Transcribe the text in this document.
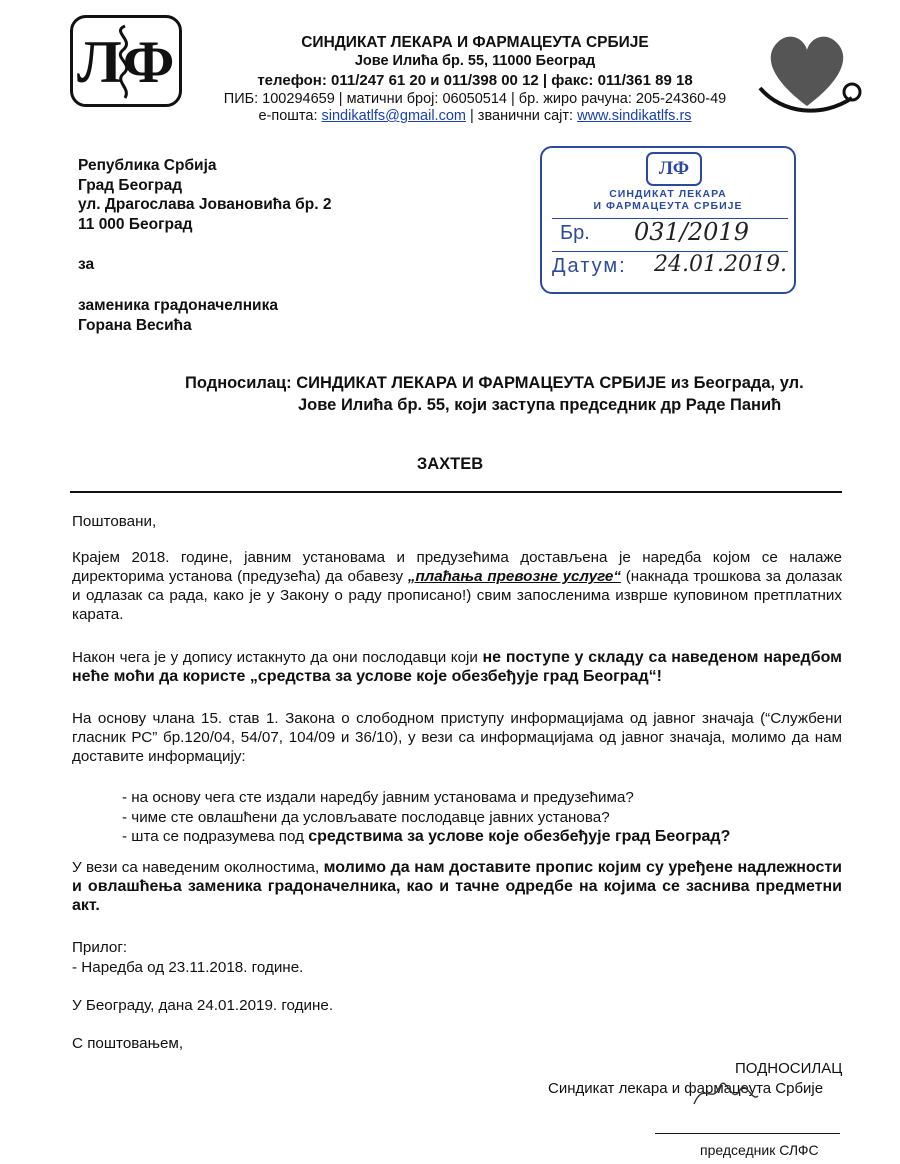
ЛФ	СИНДИКАТ ЛЕКАРА И ФАРМАЦЕУТА СРБИЈЕ
Јове Илића бр. 55, 11000 Београд
телефон: 011/247 61 20 и 011/398 00 12 | факс: 011/361 89 18
ПИБ: 100294659 | матични број: 06050514 | бр. жиро рачуна: 205-24360-49
е-пошта: sindikatlfs@gmail.com | званични сајт: www.sindikatlfs.rs
Република Србија
Град Београд
ул. Драгослава Јовановића бр. 2
11 000 Београд
за
заменика градоначелника
Горана Весића
ЛФ
СИНДИКАТ ЛЕКАРА
И ФАРМАЦЕУТА СРБИЈЕ
Бр. 031/2019
Датум: 24.01.2019.
Подносилац: СИНДИКАТ ЛЕКАРА И ФАРМАЦЕУТА СРБИЈЕ из Београда, ул.
Јове Илића бр. 55, који заступа председник др Раде Панић
ЗАХТЕВ
Поштовани,
Крајем 2018. године, јавним установама и предузећима достављена је наредба којом се налаже директорима установа (предузећа) да обавезу „плаћања превозне услуге“ (накнада трошкова за долазак и одлазак са рада, како је у Закону о раду прописано!) свим запосленима изврше куповином претплатних карата.
Након чега је у допису истакнуто да они послодавци који не поступе у складу са наведеном наредбом неће моћи да користе „средства за услове које обезбеђује град Београд“!
На основу члана 15. став 1. Закона о слободном приступу информацијама од јавног значаја (“Службени гласник РС” бр.120/04, 54/07, 104/09 и 36/10), у вези са информацијама од јавног значаја, молимо да нам доставите информацију:
- на основу чега сте издали наредбу јавним установама и предузећима?
- чиме сте овлашћени да условљавате послодавце јавних установа?
- шта се подразумева под средствима за услове које обезбеђује град Београд?
У вези са наведеним околностима, молимо да нам доставите пропис којим су уређене надлежности и овлашћења заменика градоначелника, као и тачне одредбе на којима се заснива предметни акт.
Прилог:
- Наредба од 23.11.2018. године.
У Београду, дана 24.01.2019. године.
С поштовањем,
ПОДНОСИЛАЦ
Синдикат лекара и фармацеута Србије
председник СЛФС
